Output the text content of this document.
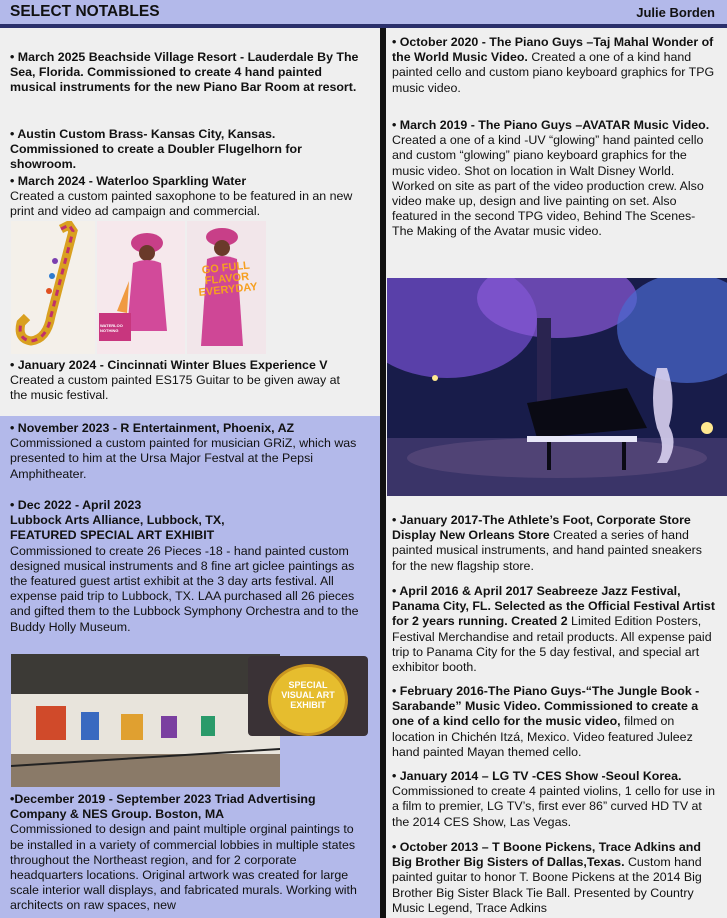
SELECT NOTABLES	Julie Borden

• March 2025 Beachside Village Resort - Lauderdale By The Sea, Florida. Commissioned to create 4 hand painted musical instruments for the new Piano Bar Room at resort.

• Austin Custom Brass- Kansas City, Kansas. Commissioned to create a Doubler Flugelhorn for showroom.

• March 2024 - Waterloo Sparkling Water

Created a custom painted saxophone to be featured in an new print and video ad campaign and commercial.

WATERLOO NOTHING
GO FULL FLAVOR EVERYDAY

• January 2024 - Cincinnati Winter Blues Experience V

Created a custom painted ES175 Guitar to be given away at the music festival.

• November 2023 - R Entertainment, Phoenix, AZ Commissioned a custom painted for musician GRiZ, which was presented to him at the Ursa Major Festval at the Pepsi Amphitheater.

• Dec 2022 - April 2023

Lubbock Arts Alliance, Lubbock, TX,

FEATURED SPECIAL ART EXHIBIT

Commissioned to create 26 Pieces -18 - hand painted custom designed musical instruments and 8 fine art giclee paintings as the featured guest artist exhibit at the 3 day arts festival. All expense paid trip to Lubbock, TX. LAA purchased all 26 pieces and gifted them to the Lubbock Symphony Orchestra and to the Buddy Holly Museum.

SPECIAL VISUAL ART EXHIBIT

•December 2019 - September 2023 Triad Advertising Company & NES Group. Boston, MA

Commissioned to design and paint multiple orginal paintings to be installed in a variety of commercial lobbies in multiple states throughout the Northeast region, and for 2 corporate headquarters locations. Original artwork was created for large scale interior wall displays, and fabricated murals. Working with architects on raw spaces, new

• October 2020 - The Piano Guys –Taj Mahal Wonder of the World Music Video. Created a one of a kind hand painted cello and custom piano keyboard graphics for TPG music video.

• March 2019 - The Piano Guys –AVATAR Music Video. Created a one of a kind -UV “glowing” hand painted cello and custom “glowing” piano keyboard graphics for the music video. Shot on location in Walt Disney World. Worked on site as part of the video production crew. Also video make up, design and live painting on set. Also featured in the second TPG video, Behind The Scenes- The Making of the Avatar music video.

• January 2017-The Athlete’s Foot, Corporate Store Display New Orleans Store Created a series of hand painted musical instruments, and hand painted sneakers for the new flagship store.

• April 2016 & April 2017 Seabreeze Jazz Festival, Panama City, FL. Selected as the Official Festival Artist for 2 years running. Created 2 Limited Edition Posters, Festival Merchandise and retail products. All expense paid trip to Panama City for the 5 day festival, and special art exhibitor booth.

• February 2016-The Piano Guys-“The Jungle Book -Sarabande” Music Video. Commissioned to create a one of a kind cello for the music video, filmed on location in Chichén Itzá, Mexico. Video featured Juleez hand painted Mayan themed cello.

• January 2014 – LG TV -CES Show -Seoul Korea. Commissioned to create 4 painted violins, 1 cello for use in a film to premier, LG TV’s, first ever 86” curved HD TV at the 2014 CES Show, Las Vegas.

• October 2013 – T Boone Pickens, Trace Adkins and Big Brother Big Sisters of Dallas,Texas. Custom hand painted guitar to honor T. Boone Pickens at the 2014 Big Brother Big Sister Black Tie Ball. Presented by Country Music Legend, Trace Adkins
